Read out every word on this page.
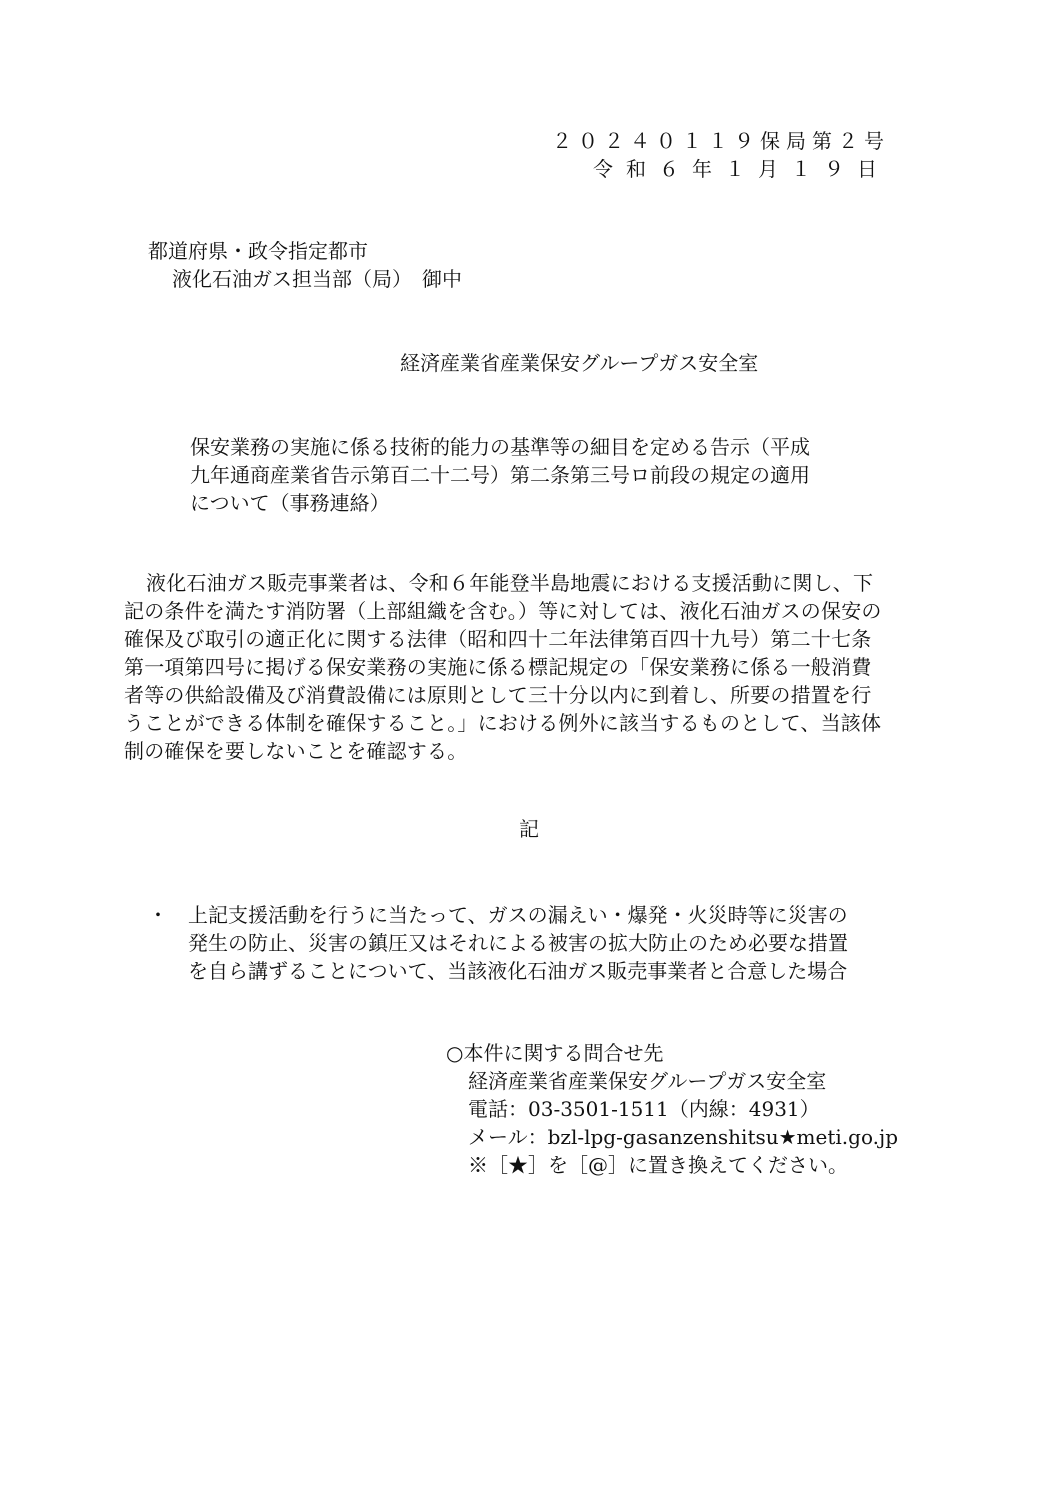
２０２４０１１９保局第２号
令和６年１月１９日
都道府県・政令指定都市
液化石油ガス担当部（局）　御中
経済産業省産業保安グループガス安全室
保安業務の実施に係る技術的能力の基準等の細目を定める告示（平成
九年通商産業省告示第百二十二号）第二条第三号ロ前段の規定の適用
について（事務連絡）
液化石油ガス販売事業者は、令和６年能登半島地震における支援活動に関し、下
記の条件を満たす消防署（上部組織を含む。）等に対しては、液化石油ガスの保安の
確保及び取引の適正化に関する法律（昭和四十二年法律第百四十九号）第二十七条
第一項第四号に掲げる保安業務の実施に係る標記規定の「保安業務に係る一般消費
者等の供給設備及び消費設備には原則として三十分以内に到着し、所要の措置を行
うことができる体制を確保すること。」における例外に該当するものとして、当該体
制の確保を要しないことを確認する。
記
・ 上記支援活動を行うに当たって、ガスの漏えい・爆発・火災時等に災害の
発生の防止、災害の鎮圧又はそれによる被害の拡大防止のため必要な措置
を自ら講ずることについて、当該液化石油ガス販売事業者と合意した場合
○本件に関する問合せ先
経済産業省産業保安グループガス安全室
電話：03-3501-1511（内線：4931）
メール：bzl-lpg-gasanzenshitsu★meti.go.jp
※［★］を［@］に置き換えてください。
